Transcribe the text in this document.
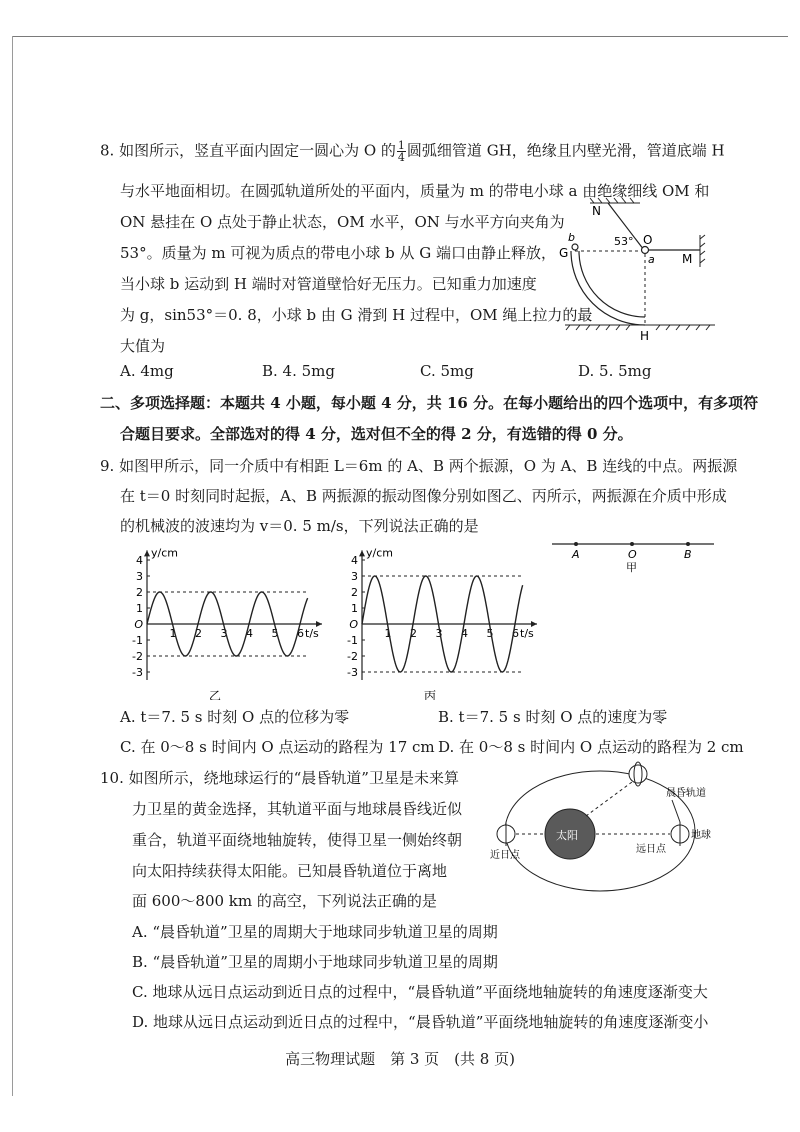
8. 如图所示，竖直平面内固定一圆心为 O 的 $\frac{1}{4}$ 圆弧细管道 GH，绝缘且内壁光滑，管道底端 H
与水平地面相切。在圆弧轨道所处的平面内，质量为 m 的带电小球 a 由绝缘细线 OM 和
ON 悬挂在 O 点处于静止状态，OM 水平，ON 与水平方向夹角为
53°。质量为 m 可视为质点的带电小球 b 从 G 端口由静止释放，
当小球 b 运动到 H 端时对管道壁恰好无压力。已知重力加速度
为 g，sin53°＝0. 8，小球 b 由 G 滑到 H 过程中，OM 绳上拉力的最
大值为
N
53° O
a M
b
G
H
A. 4mg	B. 4. 5mg	C. 5mg	D. 5. 5mg
二、多项选择题：本题共 4 小题，每小题 4 分，共 16 分。在每小题给出的四个选项中，有多项符
合题目要求。全部选对的得 4 分，选对但不全的得 2 分，有选错的得 0 分。
9. 如图甲所示，同一介质中有相距 L＝6m 的 A、B 两个振源，O 为 A、B 连线的中点。两振源
在 t＝0 时刻同时起振，A、B 两振源的振动图像分别如图乙、丙所示，两振源在介质中形成
的机械波的波速均为 v＝0. 5 m/s，下列说法正确的是
4
3
2
1
O
-1
-2
-3
1 2 3 4 5 6
y/cm
t/s
乙
4
3
2
1
O
-1
-2
-3
1 2 3 4 5 6
y/cm
t/s
丙
A	O	B
甲
A. t＝7. 5 s 时刻 O 点的位移为零	B. t＝7. 5 s 时刻 O 点的速度为零
C. 在 0～8 s 时间内 O 点运动的路程为 17 cm D. 在 0～8 s 时间内 O 点运动的路程为 2 cm
10. 如图所示，绕地球运行的“晨昏轨道”卫星是未来算
力卫星的黄金选择，其轨道平面与地球晨昏线近似
重合，轨道平面绕地轴旋转，使得卫星一侧始终朝
向太阳持续获得太阳能。已知晨昏轨道位于离地
面 600～800 km 的高空，下列说法正确的是
太阳
近日点
地球
远日点
晨昏轨道
A. “晨昏轨道”卫星的周期大于地球同步轨道卫星的周期
B. “晨昏轨道”卫星的周期小于地球同步轨道卫星的周期
C. 地球从远日点运动到近日点的过程中，“晨昏轨道”平面绕地轴旋转的角速度逐渐变大
D. 地球从远日点运动到近日点的过程中，“晨昏轨道”平面绕地轴旋转的角速度逐渐变小
高三物理试题　第 3 页　(共 8 页)
